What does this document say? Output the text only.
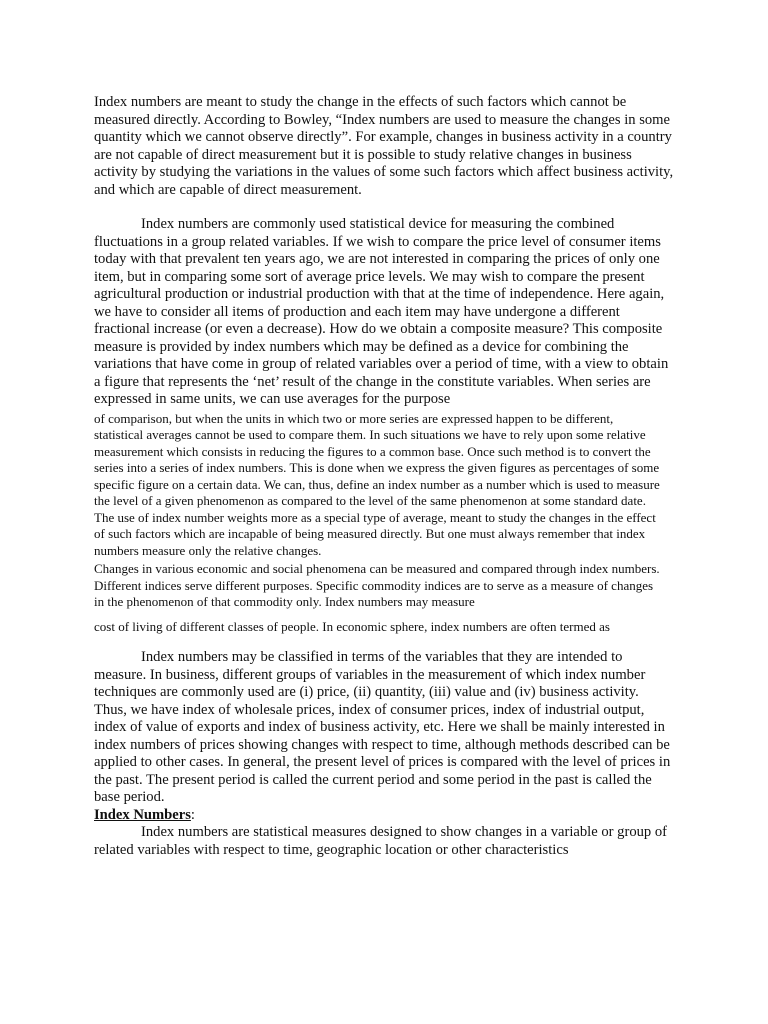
Index numbers are meant to study the change in the effects of such factors which cannot be measured directly. According to Bowley, “Index numbers are used to measure the changes in some quantity which we cannot observe directly”. For example, changes in business activity in a country are not capable of direct measurement but it is possible to study relative changes in business activity by studying the variations in the values of some such factors which affect business activity, and which are capable of direct measurement.

Index numbers are commonly used statistical device for measuring the combined fluctuations in a group related variables. If we wish to compare the price level of consumer items today with that prevalent ten years ago, we are not interested in comparing the prices of only one item, but in comparing some sort of average price levels. We may wish to compare the present agricultural production or industrial production with that at the time of independence. Here again, we have to consider all items of production and each item may have undergone a different fractional increase (or even a decrease). How do we obtain a composite measure? This composite measure is provided by index numbers which may be defined as a device for combining the variations that have come in group of related variables over a period of time, with a view to obtain a figure that represents the ‘net’ result of the change in the constitute variables. When series are expressed in same units, we can use averages for the purpose

of comparison, but when the units in which two or more series are expressed happen to be different, statistical averages cannot be used to compare them. In such situations we have to rely upon some relative measurement which consists in reducing the figures to a common base. Once such method is to convert the series into a series of index numbers. This is done when we express the given figures as percentages of some specific figure on a certain data. We can, thus, define an index number as a number which is used to measure the level of a given phenomenon as compared to the level of the same phenomenon at some standard date. The use of index number weights more as a special type of average, meant to study the changes in the effect of such factors which are incapable of being measured directly. But one must always remember that index numbers measure only the relative changes.

Changes in various economic and social phenomena can be measured and compared through index numbers. Different indices serve different purposes. Specific commodity indices are to serve as a measure of changes in the phenomenon of that commodity only. Index numbers may measure

cost of living of different classes of people. In economic sphere, index numbers are often termed as

Index numbers may be classified in terms of the variables that they are intended to measure. In business, different groups of variables in the measurement of which index number techniques are commonly used are (i) price, (ii) quantity, (iii) value and (iv) business activity. Thus, we have index of wholesale prices, index of consumer prices, index of industrial output, index of value of exports and index of business activity, etc. Here we shall be mainly interested in index numbers of prices showing changes with respect to time, although methods described can be applied to other cases. In general, the present level of prices is compared with the level of prices in the past. The present period is called the current period and some period in the past is called the base period.

Index Numbers:

Index numbers are statistical measures designed to show changes in a variable or group of related variables with respect to time, geographic location or other characteristics
